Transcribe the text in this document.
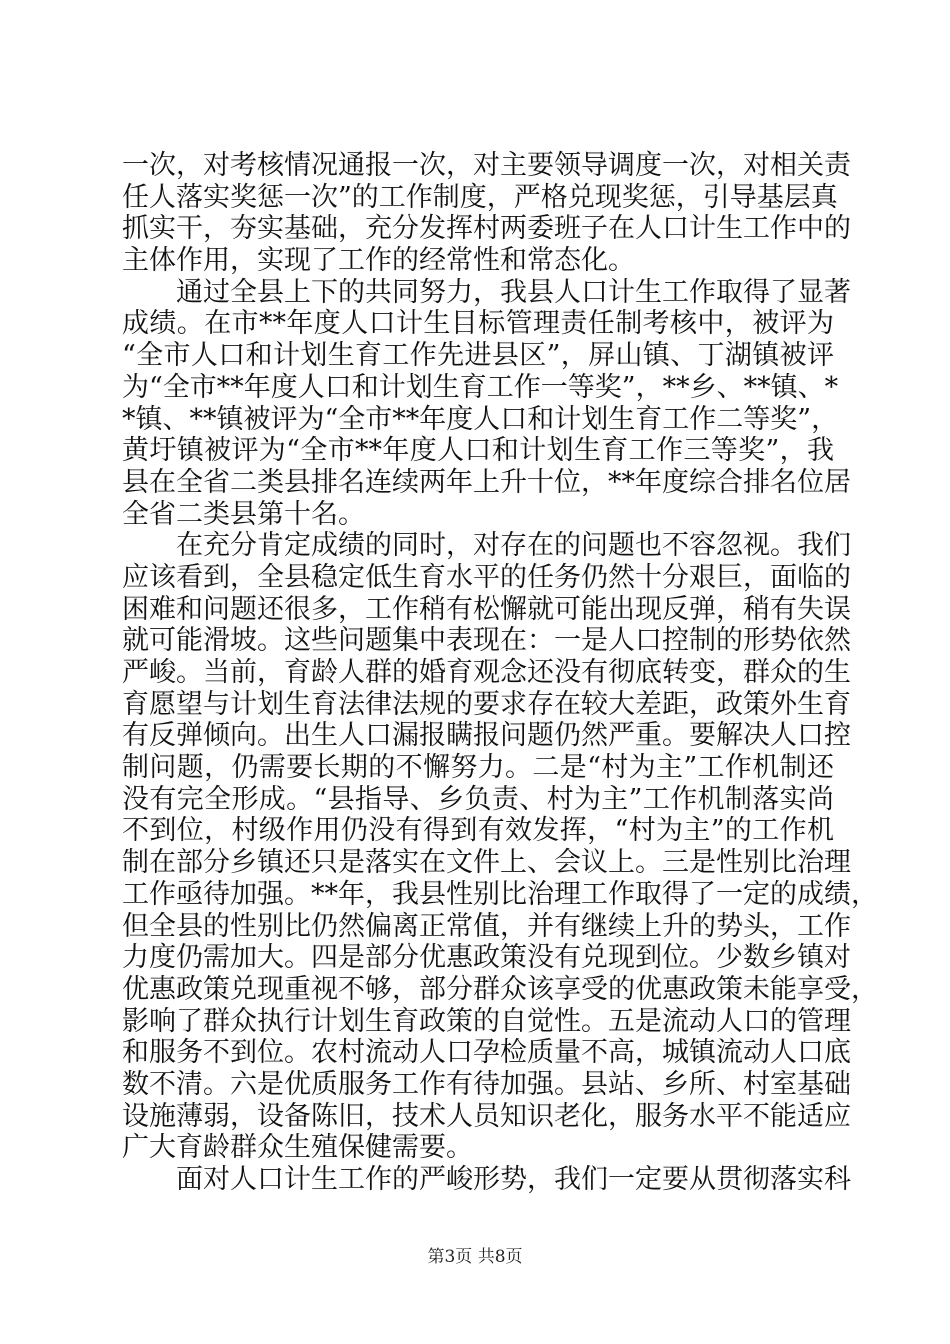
一次，对考核情况通报一次，对主要领导调度一次，对相关责
任人落实奖惩一次”的工作制度，严格兑现奖惩，引导基层真
抓实干，夯实基础，充分发挥村两委班子在人口计生工作中的
主体作用，实现了工作的经常性和常态化。
　　通过全县上下的共同努力，我县人口计生工作取得了显著
成绩。在市**年度人口计生目标管理责任制考核中，被评为
“全市人口和计划生育工作先进县区”，屏山镇、丁湖镇被评
为“全市**年度人口和计划生育工作一等奖”，**乡、**镇、*
*镇、**镇被评为“全市**年度人口和计划生育工作二等奖”，
黄圩镇被评为“全市**年度人口和计划生育工作三等奖”，我
县在全省二类县排名连续两年上升十位，**年度综合排名位居
全省二类县第十名。
　　在充分肯定成绩的同时，对存在的问题也不容忽视。我们
应该看到，全县稳定低生育水平的任务仍然十分艰巨，面临的
困难和问题还很多，工作稍有松懈就可能出现反弹，稍有失误
就可能滑坡。这些问题集中表现在：一是人口控制的形势依然
严峻。当前，育龄人群的婚育观念还没有彻底转变，群众的生
育愿望与计划生育法律法规的要求存在较大差距，政策外生育
有反弹倾向。出生人口漏报瞒报问题仍然严重。要解决人口控
制问题，仍需要长期的不懈努力。二是“村为主”工作机制还
没有完全形成。“县指导、乡负责、村为主”工作机制落实尚
不到位，村级作用仍没有得到有效发挥，“村为主”的工作机
制在部分乡镇还只是落实在文件上、会议上。三是性别比治理
工作亟待加强。**年，我县性别比治理工作取得了一定的成绩，
但全县的性别比仍然偏离正常值，并有继续上升的势头，工作
力度仍需加大。四是部分优惠政策没有兑现到位。少数乡镇对
优惠政策兑现重视不够，部分群众该享受的优惠政策未能享受，
影响了群众执行计划生育政策的自觉性。五是流动人口的管理
和服务不到位。农村流动人口孕检质量不高，城镇流动人口底
数不清。六是优质服务工作有待加强。县站、乡所、村室基础
设施薄弱，设备陈旧，技术人员知识老化，服务水平不能适应
广大育龄群众生殖保健需要。
　　面对人口计生工作的严峻形势，我们一定要从贯彻落实科
第3页 共8页
